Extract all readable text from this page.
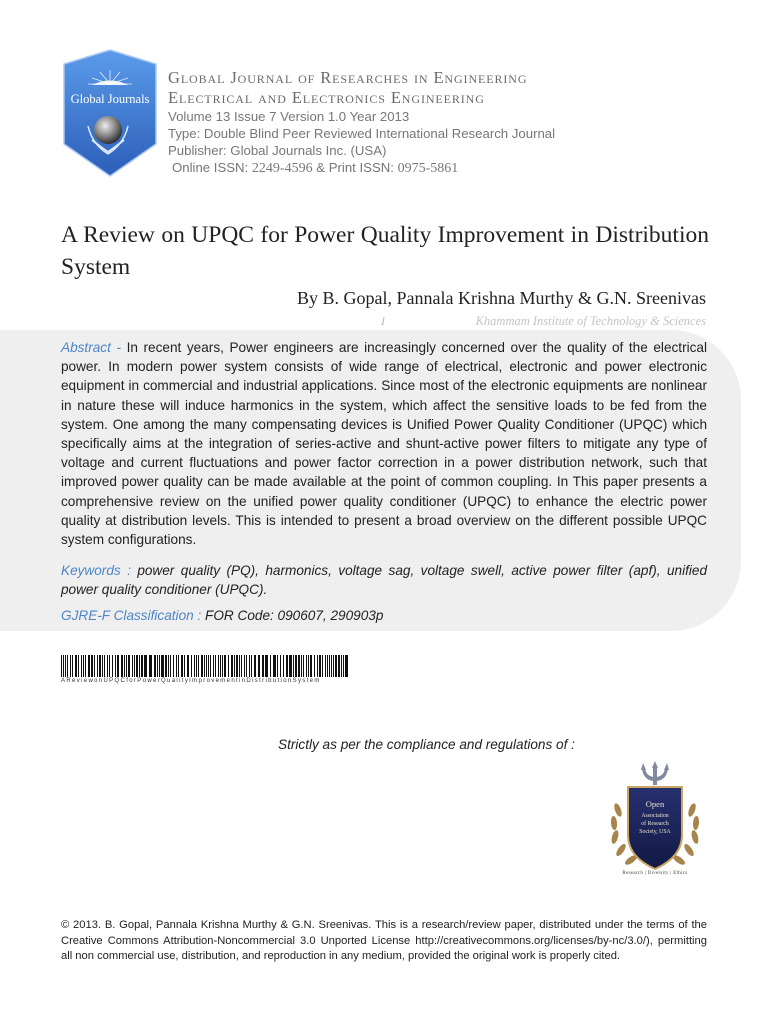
Global Journals
Global Journal of Researches in Engineering
Electrical and Electronics Engineering
Volume 13 Issue 7 Version 1.0 Year 2013
Type: Double Blind Peer Reviewed International Research Journal
Publisher: Global Journals Inc. (USA)
Online ISSN: 2249-4596 & Print ISSN: 0975-5861
A Review on UPQC for Power Quality Improvement in Distribution System
By B. Gopal, Pannala Krishna Murthy & G.N. Sreenivas
I	Khammam Institute of Technology & Sciences
Abstract - In recent years, Power engineers are increasingly concerned over the quality of the electrical power. In modern power system consists of wide range of electrical, electronic and power electronic equipment in commercial and industrial applications. Since most of the electronic equipments are nonlinear in nature these will induce harmonics in the system, which affect the sensitive loads to be fed from the system. One among the many compensating devices is Unified Power Quality Conditioner (UPQC) which specifically aims at the integration of series-active and shunt-active power filters to mitigate any type of voltage and current fluctuations and power factor correction in a power distribution network, such that improved power quality can be made available at the point of common coupling. In This paper presents a comprehensive review on the unified power quality conditioner (UPQC) to enhance the electric power quality at distribution levels. This is intended to present a broad overview on the different possible UPQC system configurations.
Keywords : power quality (PQ), harmonics, voltage sag, voltage swell, active power filter (apf), unified power quality conditioner (UPQC).
GJRE-F Classification : FOR Code: 090607, 290903p
AReviewonUPQCforPowerQualityImprovementinDistributionSystem
Strictly as per the compliance and regulations of :
Open
Association
of Research
Society, USA
Research | Diversity | Ethics
© 2013. B. Gopal, Pannala Krishna Murthy & G.N. Sreenivas. This is a research/review paper, distributed under the terms of the Creative Commons Attribution-Noncommercial 3.0 Unported License http://creativecommons.org/licenses/by-nc/3.0/), permitting all non commercial use, distribution, and reproduction in any medium, provided the original work is properly cited.
